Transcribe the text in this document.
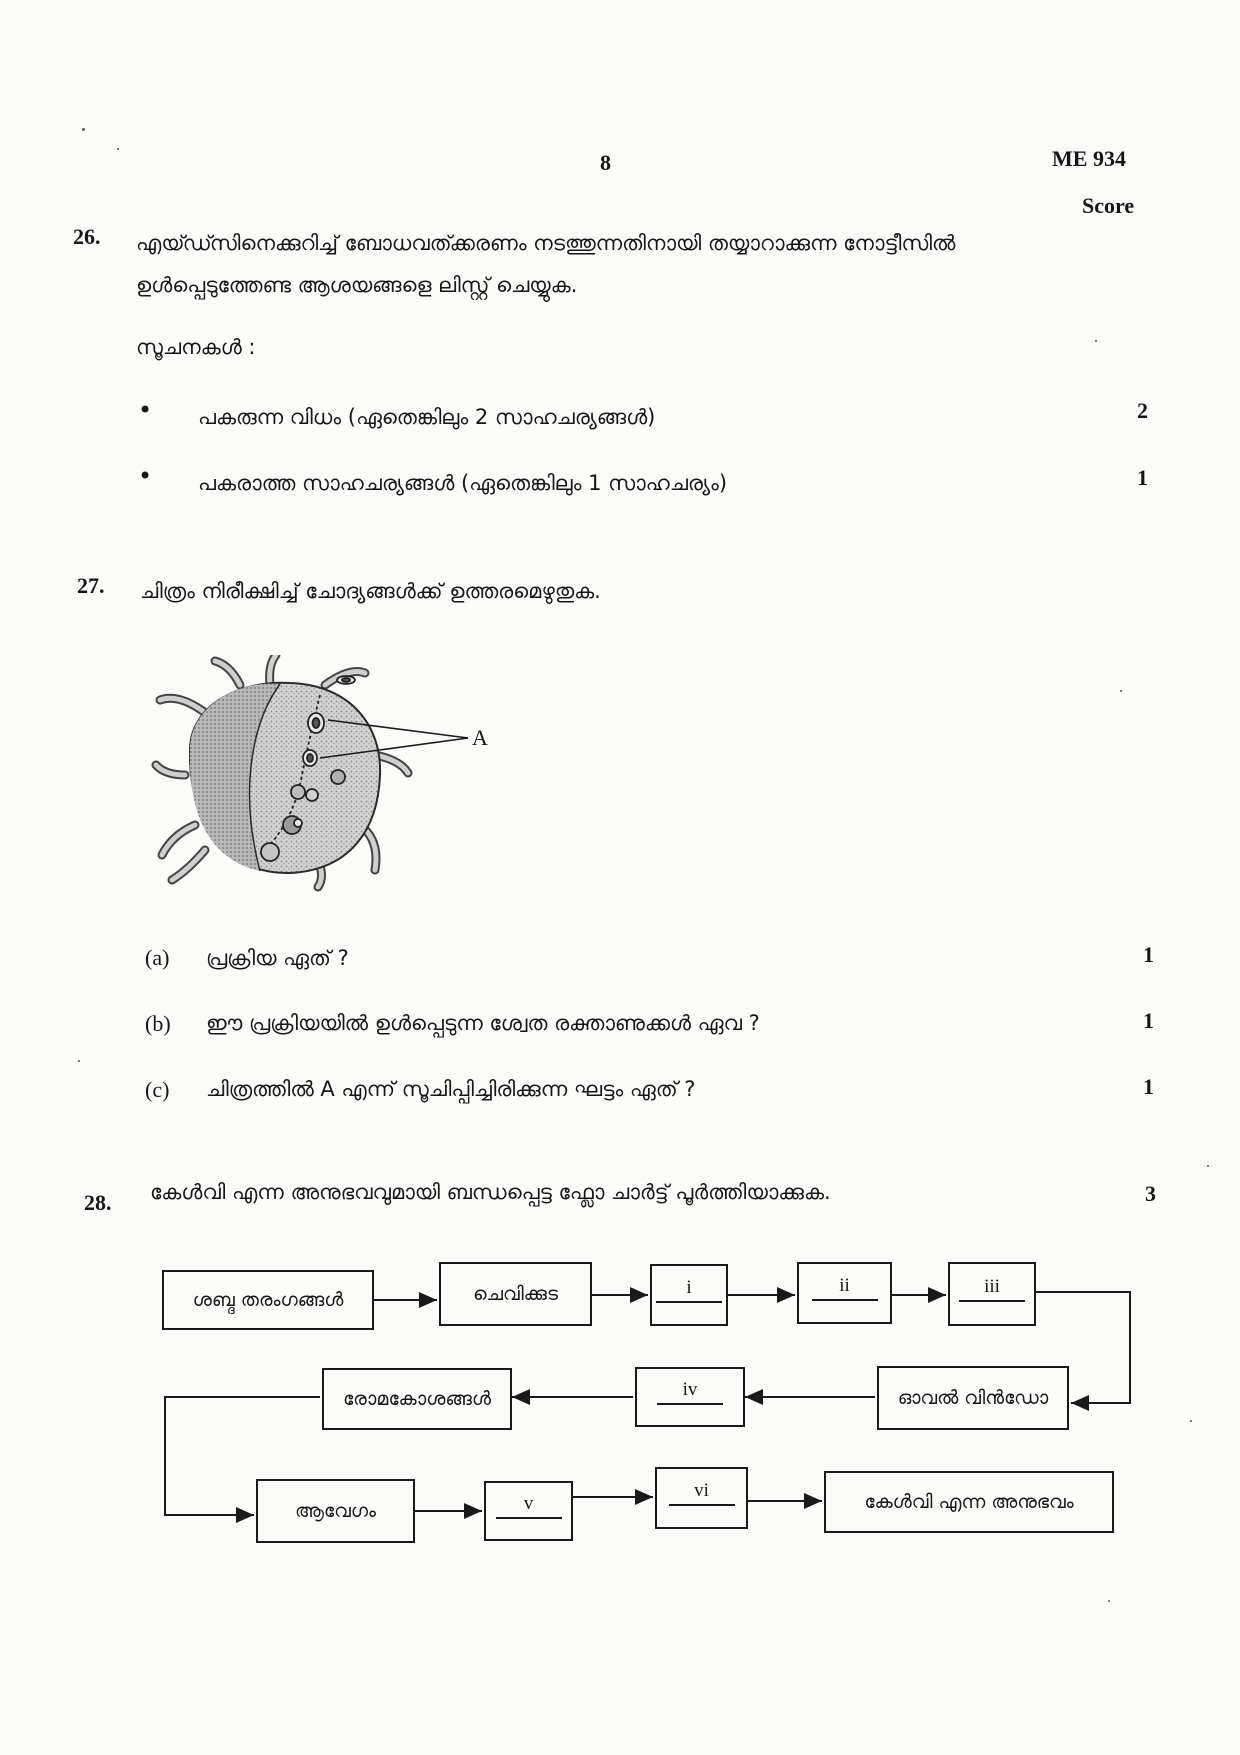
8	ME 934
Score
26. എയ്ഡ്സിനെക്കുറിച്ച് ബോധവത്ക്കരണം നടത്തുന്നതിനായി തയ്യാറാക്കുന്ന നോട്ടീസിൽ
ഉൾപ്പെടുത്തേണ്ട ആശയങ്ങളെ ലിസ്റ്റ് ചെയ്യുക.
സൂചനകൾ :
• പകരുന്ന വിധം (ഏതെങ്കിലും 2 സാഹചര്യങ്ങൾ)	2
• പകരാത്ത സാഹചര്യങ്ങൾ (ഏതെങ്കിലും 1 സാഹചര്യം)	1
27. ചിത്രം നിരീക്ഷിച്ച് ചോദ്യങ്ങൾക്ക് ഉത്തരമെഴുതുക.
A
(a) പ്രക്രിയ ഏത് ?	1
(b) ഈ പ്രക്രിയയിൽ ഉൾപ്പെടുന്ന ശ്വേത രക്താണുക്കൾ ഏവ ?	1
(c) ചിത്രത്തിൽ A എന്ന് സൂചിപ്പിച്ചിരിക്കുന്ന ഘട്ടം ഏത് ?	1
28. കേൾവി എന്ന അനുഭവവുമായി ബന്ധപ്പെട്ട ഫ്ലോ ചാർട്ട് പൂർത്തിയാക്കുക.	3
ശബ്ദ തരംഗങ്ങൾ	ചെവിക്കുട	i	ii	iii
ഓവൽ വിൻഡോ
iv
രോമകോശങ്ങൾ
ആവേഗം	v
vi
കേൾവി എന്ന അനുഭവം
